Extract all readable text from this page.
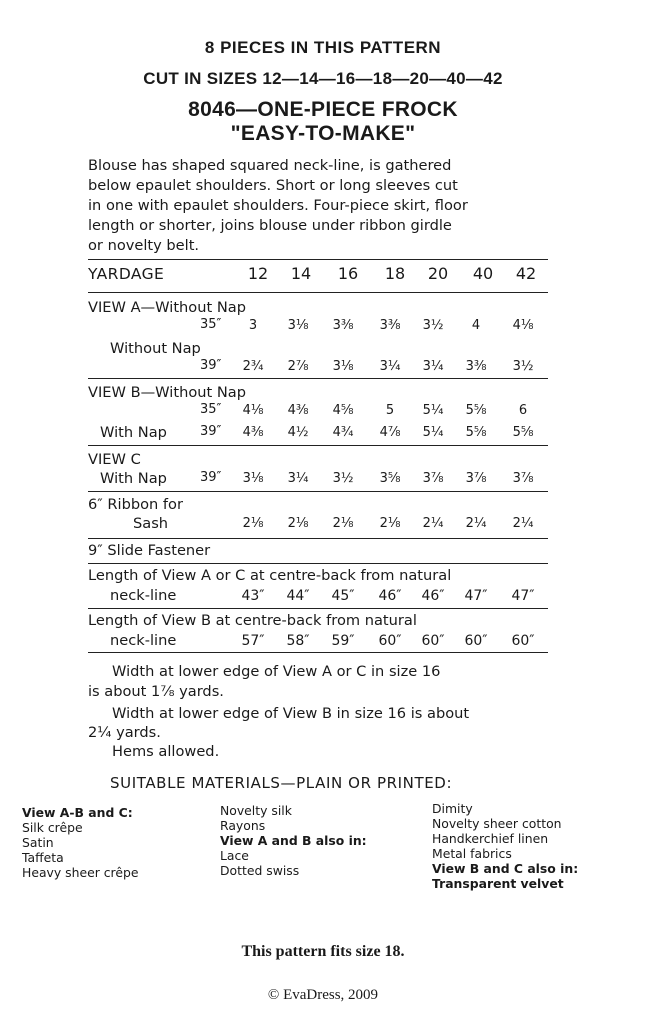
8 PIECES IN THIS PATTERN
CUT IN SIZES 12—14—16—18—20—40—42
8046—ONE-PIECE FROCK
"EASY-TO-MAKE"
Blouse has shaped squared neck-line, is gathered
below epaulet shoulders. Short or long sleeves cut
in one with epaulet shoulders. Four-piece skirt, floor
length or shorter, joins blouse under ribbon girdle
or novelty belt.
YARDAGE	12	14	16	18	20	40	42
VIEW A—Without Nap
35″	3	3⅛	3⅜	3⅜	3½	4	4⅛
Without Nap
39″	2¾	2⅞	3⅛	3¼	3¼	3⅜	3½
VIEW B—Without Nap
35″	4⅛	4⅜	4⅝	5	5¼	5⅝	6
With Nap	39″	4⅜	4½	4¾	4⅞	5¼	5⅝	5⅝
VIEW C
With Nap	39″	3⅛	3¼	3½	3⅝	3⅞	3⅞	3⅞
6″ Ribbon for
Sash	2⅛	2⅛	2⅛	2⅛	2¼	2¼	2¼
9″ Slide Fastener
Length of View A or C at centre-back from natural
neck-line	43″	44″	45″	46″	46″	47″	47″
Length of View B at centre-back from natural
neck-line	57″	58″	59″	60″	60″	60″	60″
Width at lower edge of View A or C in size 16
is about 1⅞ yards.
Width at lower edge of View B in size 16 is about
2¼ yards.
Hems allowed.
SUITABLE MATERIALS—PLAIN OR PRINTED:
View A-B and C:
Silk crêpe
Satin
Taffeta
Heavy sheer crêpe
Novelty silk
Rayons
View A and B also in:
Lace
Dotted swiss
Dimity
Novelty sheer cotton
Handkerchief linen
Metal fabrics
View B and C also in:
Transparent velvet
This pattern fits size 18.
© EvaDress, 2009
